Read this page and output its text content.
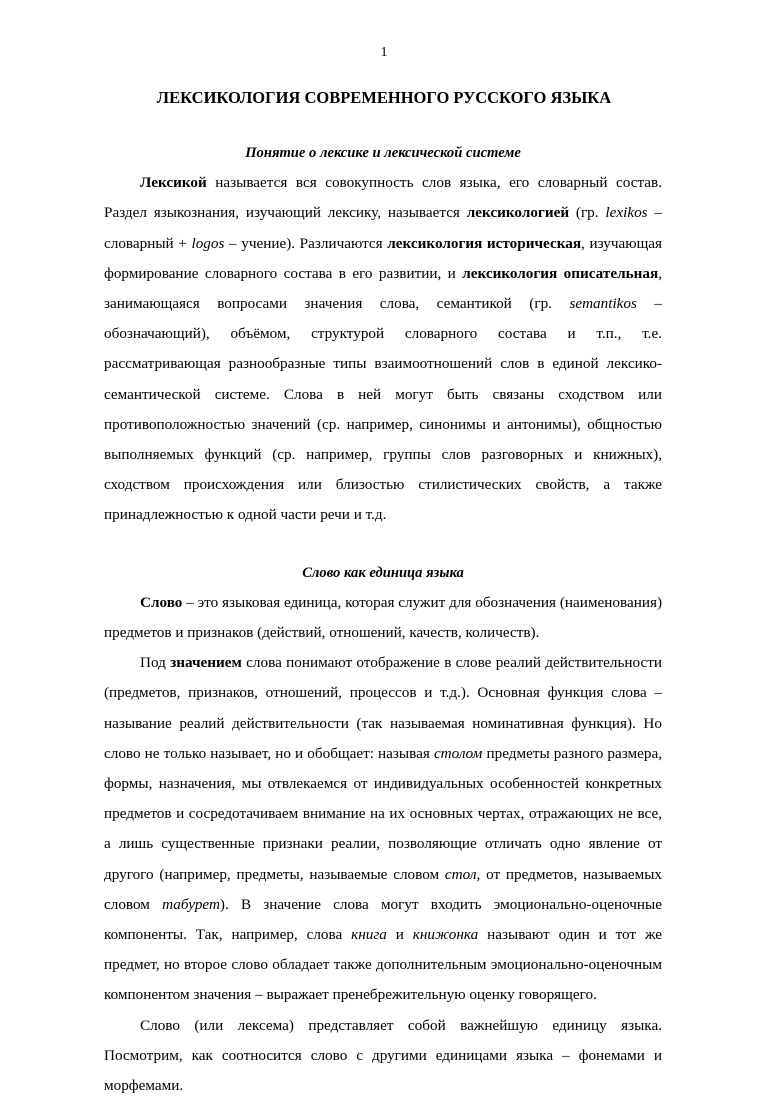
1
ЛЕКСИКОЛОГИЯ СОВРЕМЕННОГО РУССКОГО ЯЗЫКА
Понятие о лексике и лексической системе

Лексикой называется вся совокупность слов языка, его словарный состав. Раздел языкознания, изучающий лексику, называется лексикологией (гр. lexikos – словарный + logos – учение). Различаются лексикология историческая, изучающая формирование словарного состава в его развитии, и лексикология описательная, занимающаяся вопросами значения слова, семантикой (гр. semantikos – обозначающий), объёмом, структурой словарного состава и т.п., т.е. рассматривающая разнообразные типы взаимоотношений слов в единой лексико-семантической системе. Слова в ней могут быть связаны сходством или противоположностью значений (ср. например, синонимы и антонимы), общностью выполняемых функций (ср. например, группы слов разговорных и книжных), сходством происхождения или близостью стилистических свойств, а также принадлежностью к одной части речи и т.д.

Слово как единица языка

Слово – это языковая единица, которая служит для обозначения (наименования) предметов и признаков (действий, отношений, качеств, количеств).

Под значением слова понимают отображение в слове реалий действительности (предметов, признаков, отношений, процессов и т.д.). Основная функция слова – называние реалий действительности (так называемая номинативная функция). Но слово не только называет, но и обобщает: называя столом предметы разного размера, формы, назначения, мы отвлекаемся от индивидуальных особенностей конкретных предметов и сосредотачиваем внимание на их основных чертах, отражающих не все, а лишь существенные признаки реалии, позволяющие отличать одно явление от другого (например, предметы, называемые словом стол, от предметов, называемых словом табурет). В значение слова могут входить эмоционально-оценочные компоненты. Так, например, слова книга и книжонка называют один и тот же предмет, но второе слово обладает также дополнительным эмоционально-оценочным компонентом значения – выражает пренебрежительную оценку говорящего.

Слово (или лексема) представляет собой важнейшую единицу языка. Посмотрим, как соотносится слово с другими единицами языка – фонемами и морфемами.
